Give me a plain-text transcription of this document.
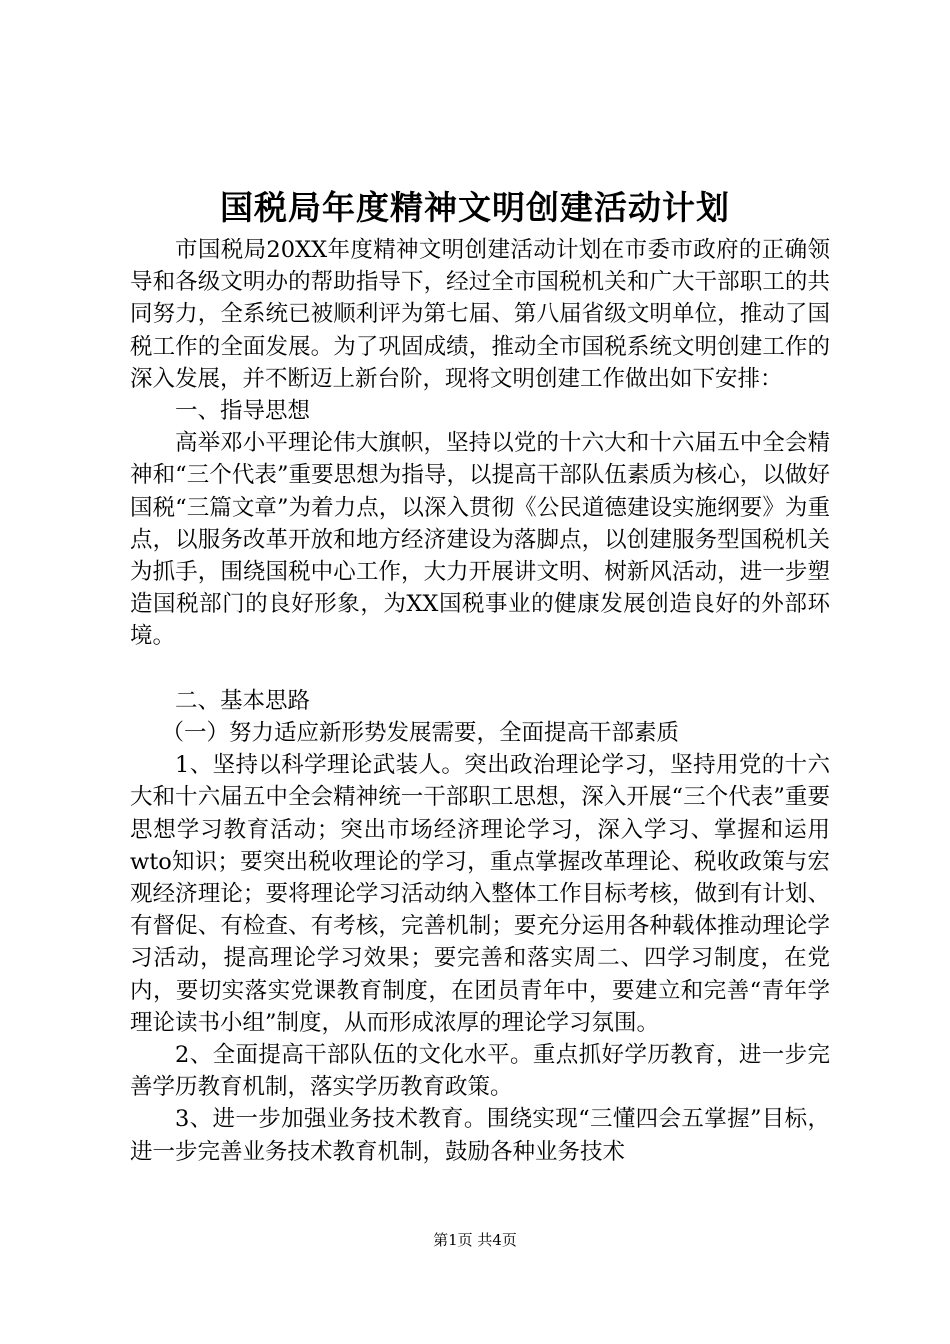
国税局年度精神文明创建活动计划

市国税局20XX年度精神文明创建活动计划在市委市政府的正确领导和各级文明办的帮助指导下，经过全市国税机关和广大干部职工的共同努力，全系统已被顺利评为第七届、第八届省级文明单位，推动了国税工作的全面发展。为了巩固成绩，推动全市国税系统文明创建工作的深入发展，并不断迈上新台阶，现将文明创建工作做出如下安排：

一、指导思想

高举邓小平理论伟大旗帜，坚持以党的十六大和十六届五中全会精神和“三个代表”重要思想为指导，以提高干部队伍素质为核心，以做好国税“三篇文章”为着力点，以深入贯彻《公民道德建设实施纲要》为重点，以服务改革开放和地方经济建设为落脚点，以创建服务型国税机关为抓手，围绕国税中心工作，大力开展讲文明、树新风活动，进一步塑造国税部门的良好形象，为XX国税事业的健康发展创造良好的外部环境。

二、基本思路

（一）努力适应新形势发展需要，全面提高干部素质

1、坚持以科学理论武装人。突出政治理论学习，坚持用党的十六大和十六届五中全会精神统一干部职工思想，深入开展“三个代表”重要思想学习教育活动；突出市场经济理论学习，深入学习、掌握和运用wto知识；要突出税收理论的学习，重点掌握改革理论、税收政策与宏观经济理论；要将理论学习活动纳入整体工作目标考核，做到有计划、有督促、有检查、有考核，完善机制；要充分运用各种载体推动理论学习活动，提高理论学习效果；要完善和落实周二、四学习制度，在党内，要切实落实党课教育制度，在团员青年中，要建立和完善“青年学理论读书小组”制度，从而形成浓厚的理论学习氛围。

2、全面提高干部队伍的文化水平。重点抓好学历教育，进一步完善学历教育机制，落实学历教育政策。

3、进一步加强业务技术教育。围绕实现“三懂四会五掌握”目标，进一步完善业务技术教育机制，鼓励各种业务技术

第1页 共4页
